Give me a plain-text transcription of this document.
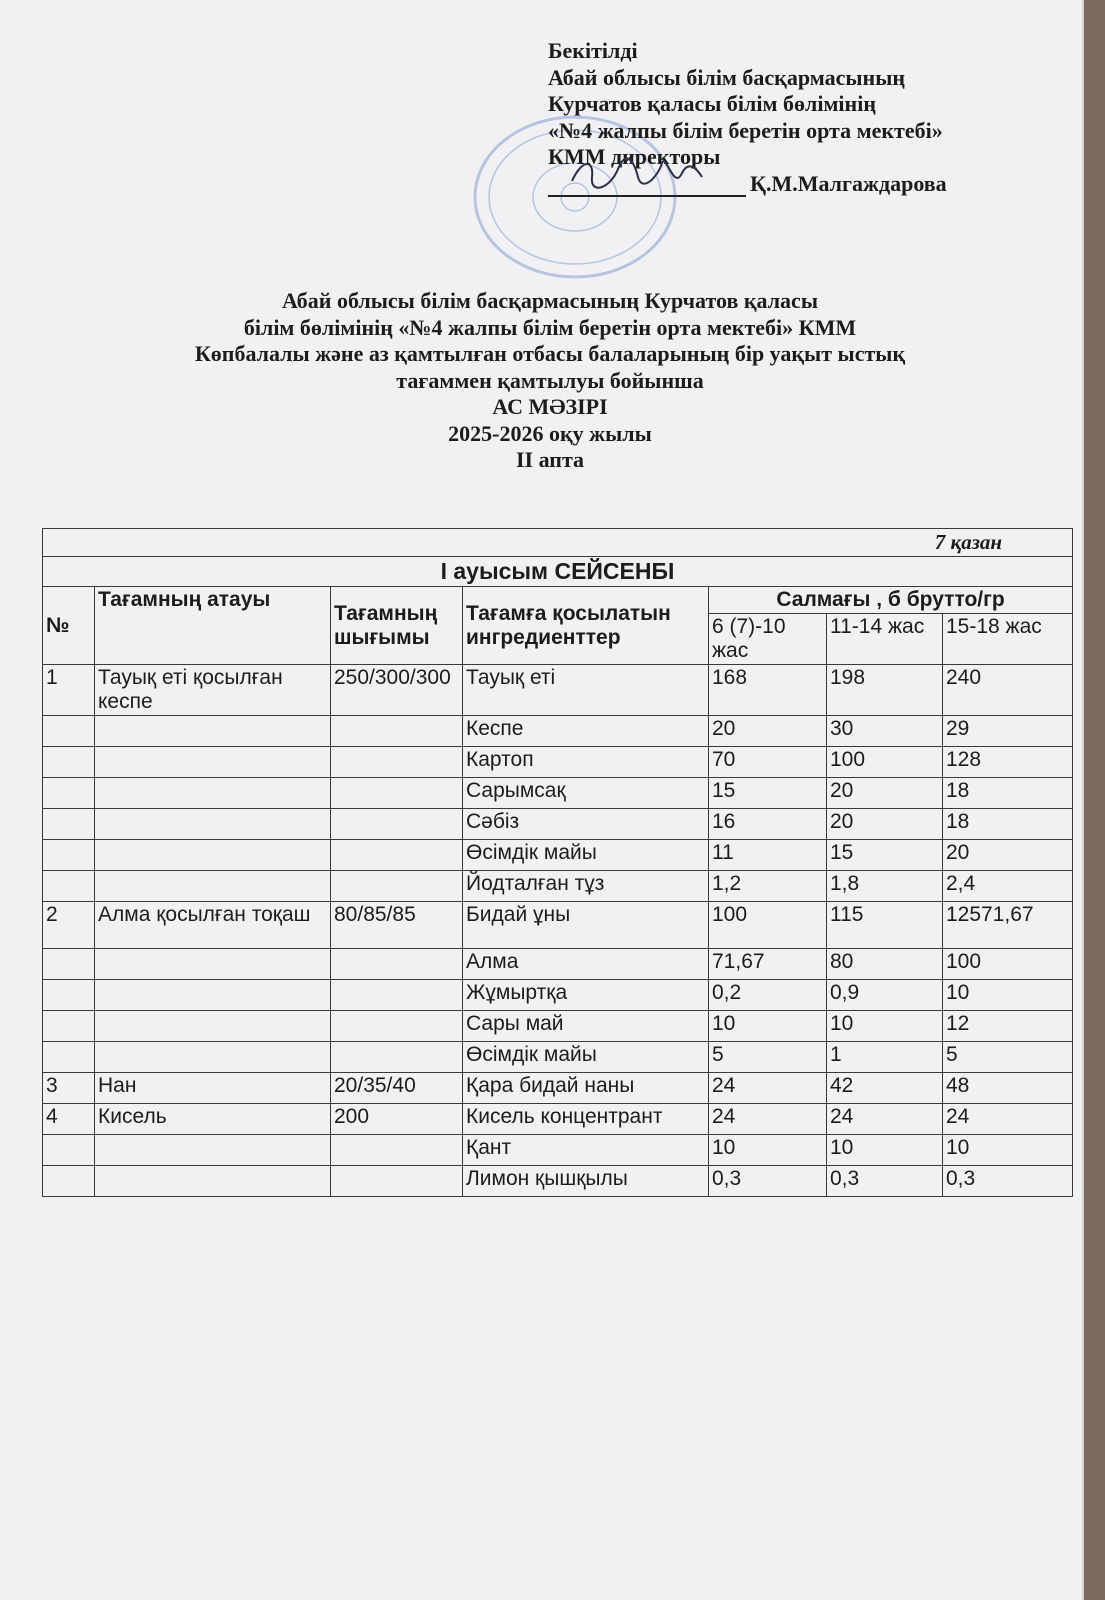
Бекітілді
Абай облысы білім басқармасының
Курчатов қаласы білім бөлімінің
«№4 жалпы білім беретін орта мектебі»
КММ директоры
Қ.М.Малгаждарова
Абай облысы білім басқармасының Курчатов қаласы
білім бөлімінің «№4 жалпы білім беретін орта мектебі» КММ
Көпбалалы және аз қамтылған отбасы балаларының бір уақыт ыстық
тағаммен қамтылуы бойынша
АС МӘЗІРІ
2025-2026 оқу жылы
II апта
7 қазан						
І ауысым СЕЙСЕНБІ						
№	Тағамның атауы	Тағамның шығымы	Тағамға қосылатын ингредиенттер	Салмағы , б брутто/гр		
				6 (7)-10 жас	11-14 жас	15-18 жас
1	Тауық еті қосылған кеспе	250/300/300	Тауық еті	168	198	240
			Кеспе	20	30	29
			Картоп	70	100	128
			Сарымсақ	15	20	18
			Сәбіз	16	20	18
			Өсімдік майы	11	15	20
			Йодталған тұз	1,2	1,8	2,4
2	Алма қосылған тоқаш	80/85/85	Бидай ұны	100	115	12571,67
			Алма	71,67	80	100
			Жұмыртқа	0,2	0,9	10
			Сары май	10	10	12
			Өсімдік майы	5	1	5
3	Нан	20/35/40	Қара бидай наны	24	42	48
4	Кисель	200	Кисель концентрант	24	24	24
			Қант	10	10	10
			Лимон қышқылы	0,3	0,3	0,3
